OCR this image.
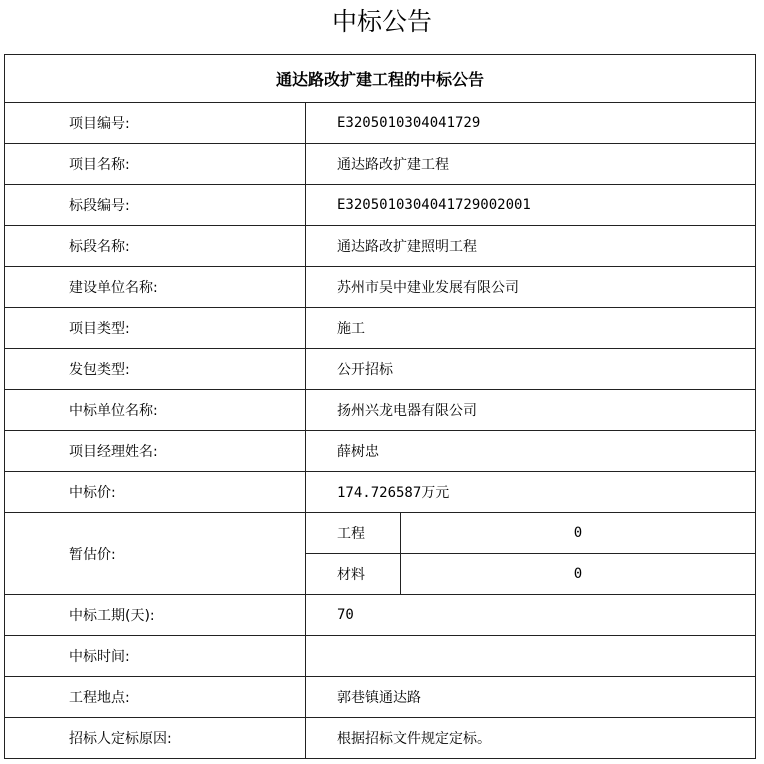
中标公告
通达路改扩建工程的中标公告		
项目编号:	E3205010304041729	
项目名称:	通达路改扩建工程	
标段编号:	E3205010304041729002001	
标段名称:	通达路改扩建照明工程	
建设单位名称:	苏州市吴中建业发展有限公司	
项目类型:	施工	
发包类型:	公开招标	
中标单位名称:	扬州兴龙电器有限公司	
项目经理姓名:	薛树忠	
中标价:	174.726587万元	
暂估价:	工程	0
	材料	0
中标工期(天):	70	
中标时间:		
工程地点:	郭巷镇通达路	
招标人定标原因:	根据招标文件规定定标。	
